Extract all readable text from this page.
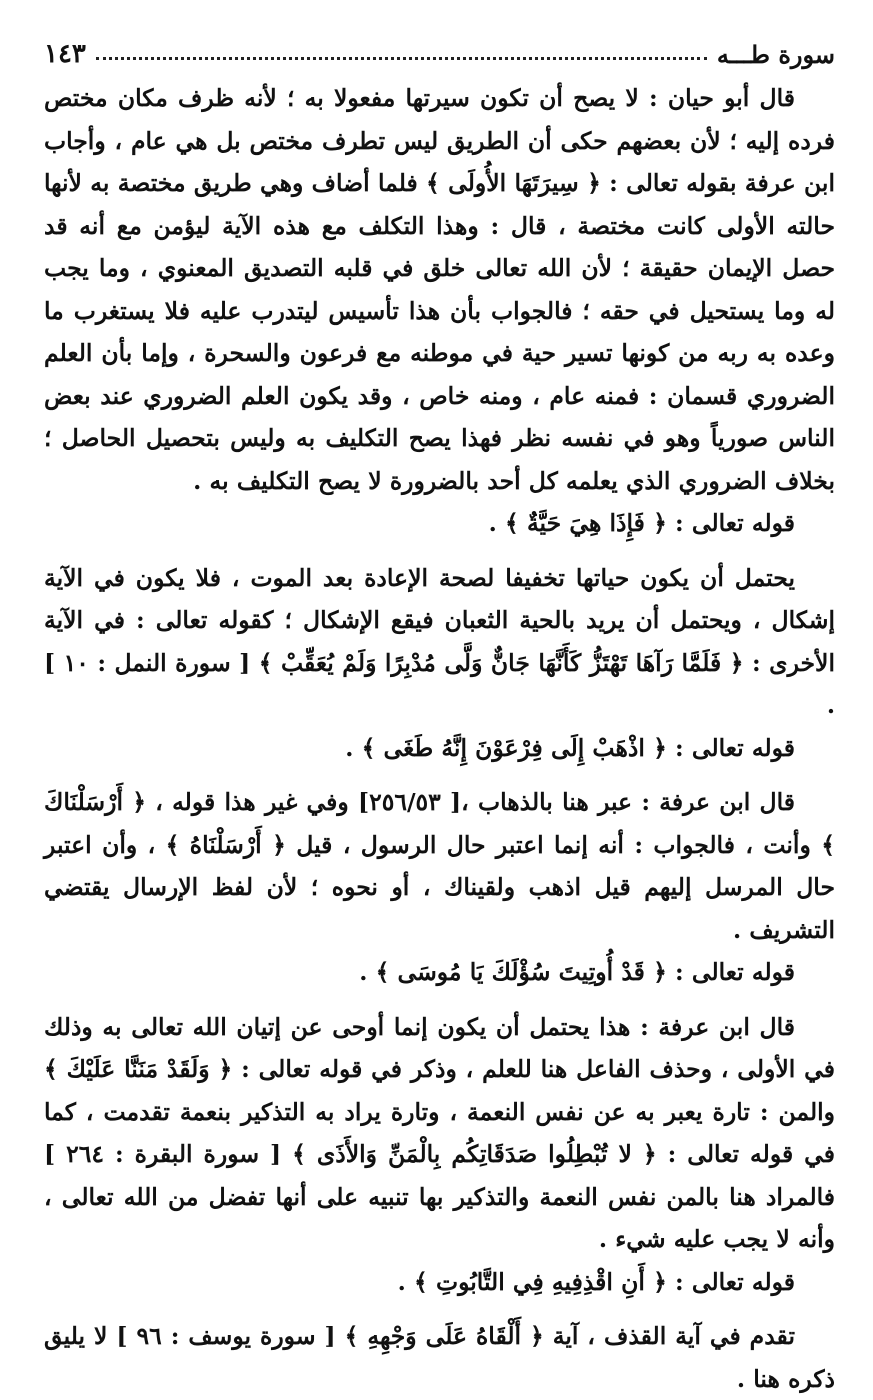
سورة طـــه
١٤٣

قال أبو حيان : لا يصح أن تكون سيرتها مفعولا به ؛ لأنه ظرف مكان مختص فرده إليه ؛ لأن بعضهم حكى أن الطريق ليس تطرف مختص بل هي عام ، وأجاب ابن عرفة بقوله تعالى : ﴿ سِيرَتَهَا الأُولَى ﴾ فلما أضاف وهي طريق مختصة به لأنها حالته الأولى كانت مختصة ، قال : وهذا التكلف مع هذه الآية ليؤمن مع أنه قد حصل الإيمان حقيقة ؛ لأن الله تعالى خلق في قلبه التصديق المعنوي ، وما يجب له وما يستحيل في حقه ؛ فالجواب بأن هذا تأسيس ليتدرب عليه فلا يستغرب ما وعده به ربه من كونها تسير حية في موطنه مع فرعون والسحرة ، وإما بأن العلم الضروري قسمان : فمنه عام ، ومنه خاص ، وقد يكون العلم الضروري عند بعض الناس صورياً وهو في نفسه نظر فهذا يصح التكليف به وليس بتحصيل الحاصل ؛ بخلاف الضروري الذي يعلمه كل أحد بالضرورة لا يصح التكليف به .

قوله تعالى : ﴿ فَإِذَا هِيَ حَيَّةٌ ﴾ .

يحتمل أن يكون حياتها تخفيفا لصحة الإعادة بعد الموت ، فلا يكون في الآية إشكال ، ويحتمل أن يريد بالحية الثعبان فيقع الإشكال ؛ كقوله تعالى : في الآية الأخرى : ﴿ فَلَمَّا رَآهَا تَهْتَزُّ كَأَنَّهَا جَانٌّ وَلَّى مُدْبِرًا وَلَمْ يُعَقِّبْ ﴾ [ سورة النمل : ١٠ ] .

قوله تعالى : ﴿ اذْهَبْ إِلَى فِرْعَوْنَ إِنَّهُ طَغَى ﴾ .

قال ابن عرفة : عبر هنا بالذهاب ،[ ٢٥٦/٥٣] وفي غير هذا قوله ، ﴿ أَرْسَلْنَاكَ ﴾ وأنت ، فالجواب : أنه إنما اعتبر حال الرسول ، قيل ﴿ أَرْسَلْنَاهُ ﴾ ، وأن اعتبر حال المرسل إليهم قيل اذهب ولقيناك ، أو نحوه ؛ لأن لفظ الإرسال يقتضي التشريف .

قوله تعالى : ﴿ قَدْ أُوتِيتَ سُؤْلَكَ يَا مُوسَى ﴾ .

قال ابن عرفة : هذا يحتمل أن يكون إنما أوحى عن إتيان الله تعالى به وذلك في الأولى ، وحذف الفاعل هنا للعلم ، وذكر في قوله تعالى : ﴿ وَلَقَدْ مَنَنَّا عَلَيْكَ ﴾ والمن : تارة يعبر به عن نفس النعمة ، وتارة يراد به التذكير بنعمة تقدمت ، كما في قوله تعالى : ﴿ لا تُبْطِلُوا صَدَقَاتِكُم بِالْمَنِّ وَالأَذَى ﴾ [ سورة البقرة : ٢٦٤ ] فالمراد هنا بالمن نفس النعمة والتذكير بها تنبيه على أنها تفضل من الله تعالى ، وأنه لا يجب عليه شيء .

قوله تعالى : ﴿ أَنِ اقْذِفِيهِ فِي التَّابُوتِ ﴾ .

تقدم في آية القذف ، آية ﴿ أَلْقَاهُ عَلَى وَجْهِهِ ﴾ [ سورة يوسف : ٩٦ ] لا يليق ذكره هنا .
